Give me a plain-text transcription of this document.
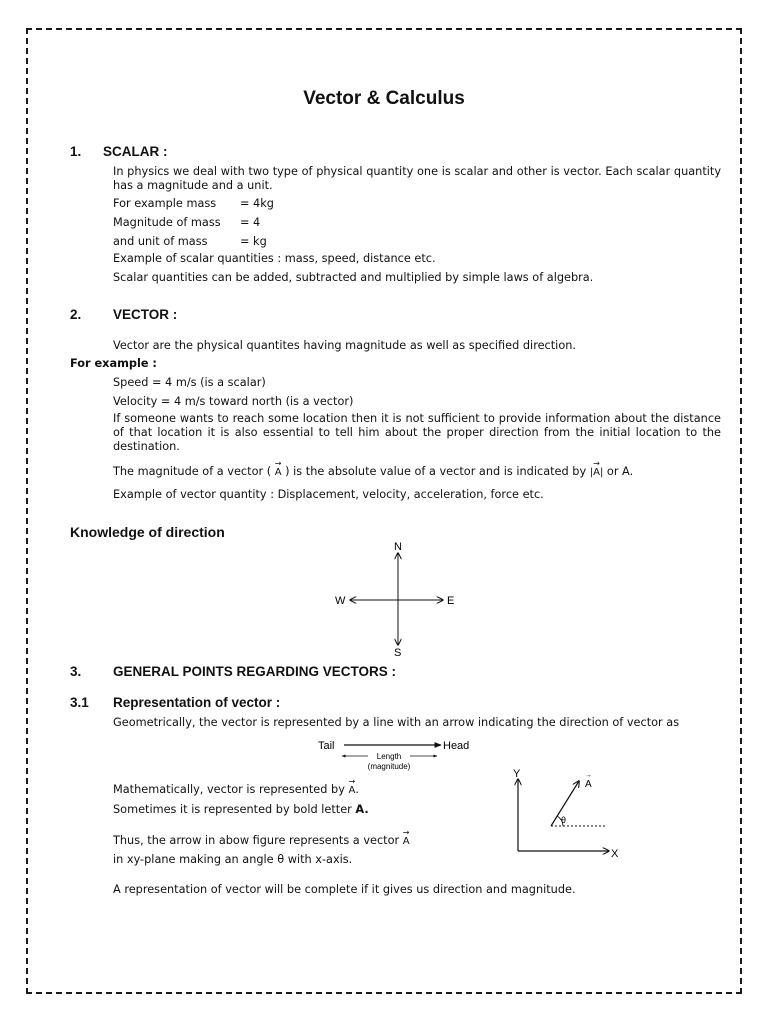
Vector & Calculus
1. SCALAR :
In physics we deal with two type of physical quantity one is scalar and other is vector. Each scalar quantity has a magnitude and a unit.
For example mass = 4kg
Magnitude of mass = 4
and unit of mass	= kg
Example of scalar quantities : mass, speed, distance etc.
Scalar quantities can be added, subtracted and multiplied by simple laws of algebra.
2. VECTOR :
Vector are the physical quantites having magnitude as well as specified direction.
For example :
Speed = 4 m/s (is a scalar)
Velocity = 4 m/s toward north (is a vector)
If someone wants to reach some location then it is not sufficient to provide information about the distance of that location it is also essential to tell him about the proper direction from the initial location to the destination.
The magnitude of a vector ( → A ) is the absolute value of a vector and is indicated by |→ A| or A.
Example of vector quantity : Displacement, velocity, acceleration, force etc.
Knowledge of direction
N
S
E
W
3. GENERAL POINTS REGARDING VECTORS :
3.1 Representation of vector :
Geometrically, the vector is represented by a line with an arrow indicating the direction of vector as
Tail	Head
Length
(magnitude)
Mathematically, vector is represented by → A.
Sometimes it is represented by bold letter A.
Thus, the arrow in abow figure represents a vector → A
in xy-plane making an angle θ with x-axis.
A representation of vector will be complete if it gives us direction and magnitude.
Y
X
θ
A
→
